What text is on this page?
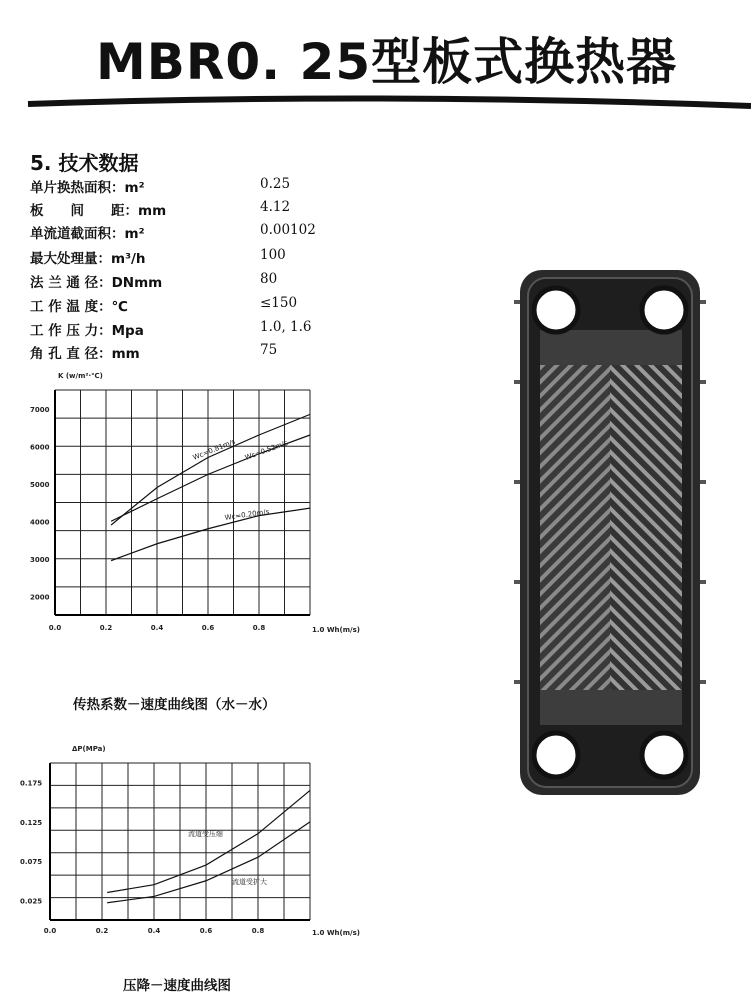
MBR0. 25型板式换热器
5. 技术数据
单片换热面积：m²	0.25
板　　间　　距：mm	4.12
单流道截面积：m²	0.00102
最大处理量：m³/h	100
法 兰 通 径：DNmm	80
工 作 温 度：℃	≤150
工 作 压 力：Mpa	1.0, 1.6
角 孔 直 径：mm	75
7000
6000
5000
4000
3000
2000
0.0	0.2	0.4	0.6	0.8	1.0 Wh(m/s)
K (w/m²·℃)
Wc=0.81m/s Wc=0.52m/s
Wc=0.20m/s
传热系数－速度曲线图（水－水）
0.175
0.125
0.075
0.025
0.0	0.2	0.4	0.6	0.8	1.0 Wh(m/s)
ΔP(MPa)
流道受压缩
流道受扩大
压降－速度曲线图
